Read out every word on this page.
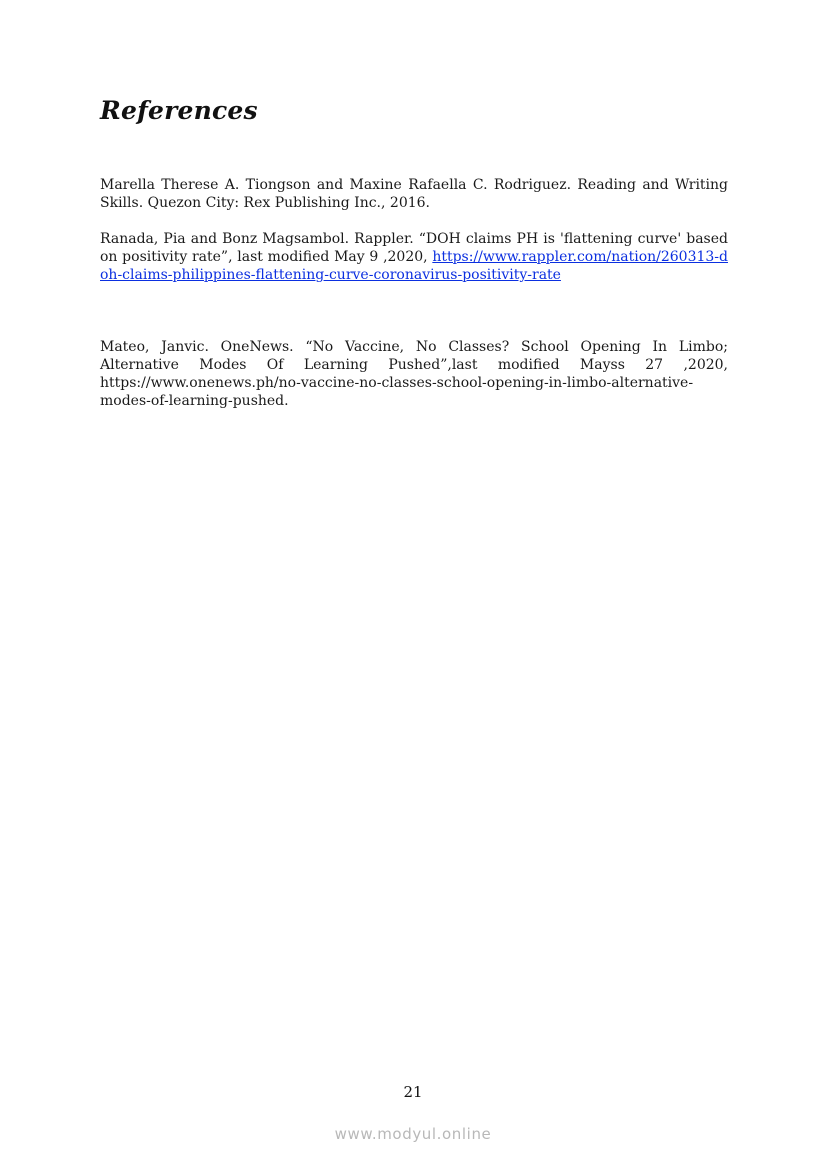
References

Marella Therese A. Tiongson and Maxine Rafaella C. Rodriguez. Reading and Writing Skills. Quezon City: Rex Publishing Inc., 2016.

Ranada, Pia and Bonz Magsambol. Rappler. “DOH claims PH is 'flattening curve' based on positivity rate”, last modified May 9 ,2020, https://www.rappler.com/nation/260313-doh-claims-philippines-flattening-curve-coronavirus-positivity-rate

Mateo, Janvic. OneNews. “No Vaccine, No Classes? School Opening In Limbo; Alternative Modes Of Learning Pushed”,last modified Mayss 27 ,2020, https://www.onenews.ph/no-vaccine-no-classes-school-opening-in-limbo-alternative-modes-of-learning-pushed.

21
www.modyul.online
